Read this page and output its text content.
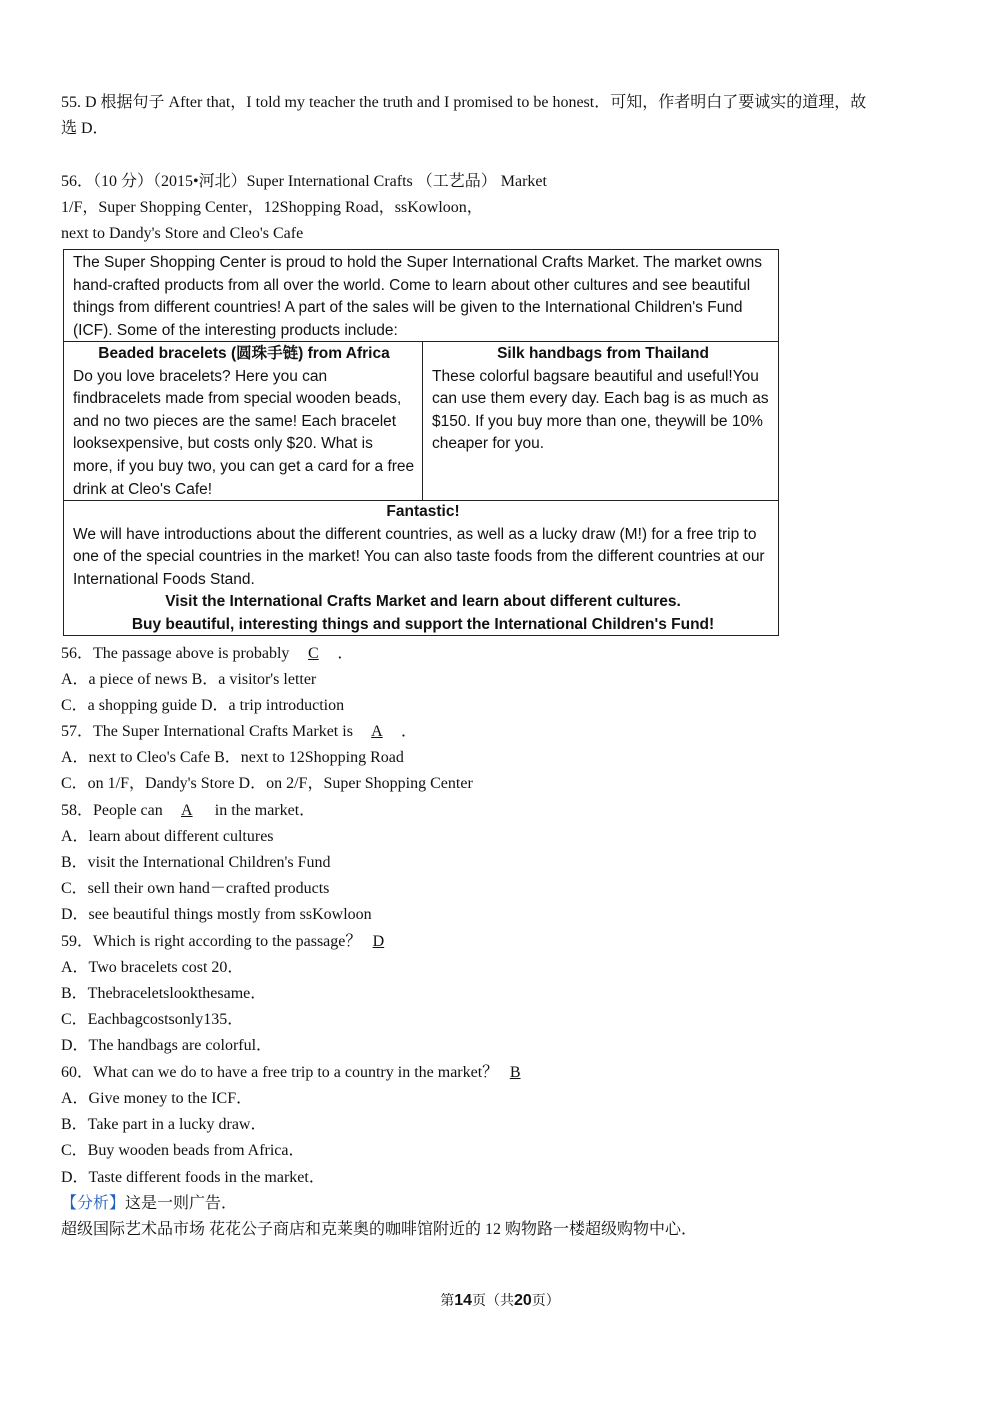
55. D 根据句子 After that，I told my teacher the truth and I promised to be honest．可知，作者明白了要诚实的道理，故
选 D．
56．（10 分）（2015•河北）Super International Crafts （工艺品） Market
1/F，Super Shopping Center，12Shopping Road，ssKowloon，
next to Dandy's Store and Cleo's Cafe
The Super Shopping Center is proud to hold the Super International Crafts Market. The market owns hand-crafted products from all over the world. Come to learn about other cultures and see beautiful things from different countries! A part of the sales will be given to the International Children's Fund (ICF). Some of the interesting products include:
Beaded bracelets (圆珠手链) from Africa
Do you love bracelets? Here you can findbracelets made from special wooden beads, and no two pieces are the same! Each bracelet looksexpensive, but costs only $20. What is more, if you buy two, you can get a card for a free drink at Cleo's Cafe!
Silk handbags from Thailand
These colorful bagsare beautiful and useful!You can use them every day. Each bag is as much as $150. If you buy more than one, theywill be 10% cheaper for you.
Fantastic!
We will have introductions about the different countries, as well as a lucky draw (M!) for a free trip to one of the special countries in the market! You can also taste foods from the different countries at our International Foods Stand.
Visit the International Crafts Market and learn about different cultures.
Buy beautiful, interesting things and support the International Children's Fund!
56．The passage above is probably C ．
A．a piece of news B．a visitor's letter
C．a shopping guide D．a trip introduction
57．The Super International Crafts Market is A ．
A．next to Cleo's Cafe B．next to 12Shopping Road
C．on 1/F，Dandy's Store D．on 2/F，Super Shopping Center
58．People can A in the market．
A．learn about different cultures
B．visit the International Children's Fund
C．sell their own hand－crafted products
D．see beautiful things mostly from ssKowloon
59．Which is right according to the passage？ D
A．Two bracelets cost 20．
B．Thebraceletslookthesame．
C．Eachbagcostsonly135．
D．The handbags are colorful．
60．What can we do to have a free trip to a country in the market？ B
A．Give money to the ICF．
B．Take part in a lucky draw．
C．Buy wooden beads from Africa．
D．Taste different foods in the market．
【分析】这是一则广告．
超级国际艺术品市场 花花公子商店和克莱奥的咖啡馆附近的 12 购物路一楼超级购物中心．
第14页（共20页）
